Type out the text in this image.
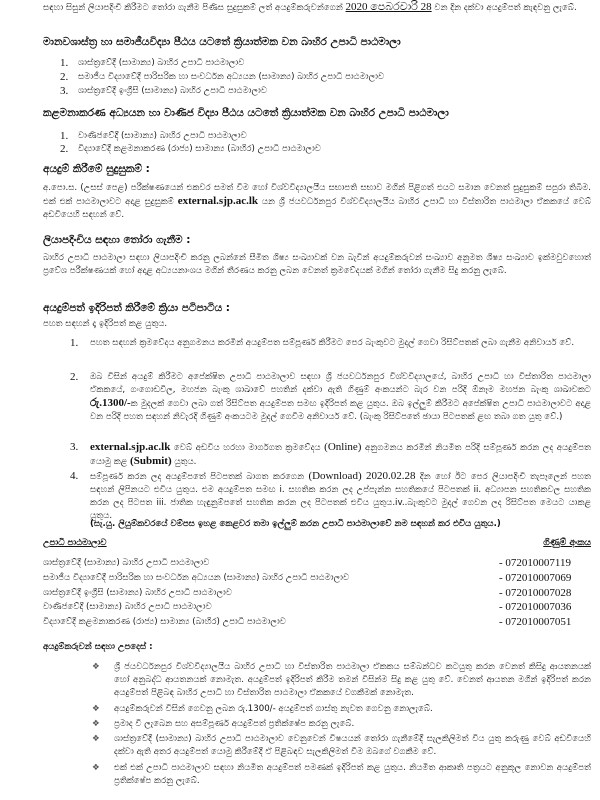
සඳහා සිසුන් ලියාපදිංචි කිරීමට තෝරා ගැනීම පිණිස සුදුසුකම් ලත් අයදුම්කරුවන්ගෙන් 2020 පෙබරවාරි 28 වන දින දක්වා අයදුම්පත් කැඳවනු ලැබේ.
මානවශාස්ත්‍ර හා සමාජීයවිද්‍යා පීඨය යටතේ ක්‍රියාත්මක වන බාහිර උපාධි පාඨමාලා
1. ශාස්ත්‍රවේදී (සාමාන්‍ය) බාහිර උපාධි පාඨමාලාව
2. සමාජීය විද්‍යාවේදී පාරිසරික හා සංවර්ධන අධ්‍යයන (සාමාන්‍ය) බාහිර උපාධි පාඨමාලාව
3. ශාස්ත්‍රවේදී ඉංග්‍රීසි (සාමාන්‍ය) බාහිර උපාධි පාඨමාලාව
කළමනාකරණ අධ්‍යයන හා වාණිජ විද්‍යා පීඨය යටතේ ක්‍රියාත්මක වන බාහිර උපාධි පාඨමාලා
1. වාණිජවේදී (සාමාන්‍ය) බාහිර උපාධි පාඨමාලාව
2. විද්‍යාවේදී කළමනාකරණ (රාජ්‍ය) සාමාන්‍ය (බාහිර) උපාධි පාඨමාලාව
අයදුම් කිරීමේ සුදුසුකම් :
අ.පො.ස. (උසස් පෙළ) පරීක්ෂණයෙන් එකවර සමත් වීම හෝ විශ්වවිද්‍යාලයීය සභාපති සභාව මගින් පිළිගත් එයට සමාන වෙනත් සුදුසුකම් සපුරා තිබීම. එක් එක් පාඨමාලාවට අදාළ සුදුසුකම් external.sjp.ac.lk යන ශ්‍රී ජයවර්ධනපුර විශ්වවිද්‍යාලයීය බාහිර උපාධි හා විස්තාරිත පාඨමාලා ඒකකයේ වෙබ් අඩවියෙහි සඳහන් වේ.
ලියාපදිංචිය සඳහා තෝරා ගැනීම :
බාහිර උපාධි පාඨමාලා සඳහා ලියාපදිංචි කරනු ලබන්නේ සීමිත ශිෂ්‍ය සංඛ්‍යාවක් වන බැවින් අයදුම්කරුවන් සංඛ්‍යාව අනුමත ශිෂ්‍ය සංඛ්‍යාව ඉක්මවුවහොත් ප්‍රවේශ පරීක්ෂණයක් හෝ අදාළ අධ්‍යයනාංශය මගින් තීරණය කරනු ලබන වෙනත් ක්‍රමවේදයක් මගින් තෝරා ගැනීම සිදු කරනු ලැබේ.
අයදුම්පත් ඉදිරිපත් කිරීමේ ක්‍රියා පටිපාටිය :
පහත සඳහන් දෑ ඉදිරිපත් කළ යුතුය.
1. පහත සඳහන් ක්‍රමවේදය අනුගමනය කරමින් අයදුම්පත සම්පූර්ණ කිරීමට පෙර බැංකුවට මුදල් ගෙවා රිසිට්පතක් ලබා ගැනීම අනිවාර්ය වේ.
2. ඔබ විසින් අයදුම් කිරීමට අපේක්ෂිත උපාධි පාඨමාලාව සඳහා ශ්‍රී ජයවර්ධනපුර විශ්වවිද්‍යාලයේ, බාහිර උපාධි හා විස්තාරිත පාඨමාලා ඒකකයේ, ගංගොඩවිල, මහජන බැංකු ශාඛාවේ පහතින් දක්වා ඇති ගිණුම් අංකයන්ට බැර වන පරිදි ඕනෑම මහජන බැංකු ශාඛාවකට රු.1300/-ක මුදලක් ගෙවා ලබා ගත් රිසිට්පත අයදුම්පත සමඟ ඉදිරිපත් කළ යුතුය. ඔබ ඉල්ලුම් කිරීමට අපේක්ෂිත උපාධි පාඨමාලාවට අදාළ වන පරිදි පහත සඳහන් නිවැරදි ගිණුම් අංකයටම මුදල් ගෙවීම අනිවාර්ය වේ. (බැංකු රිසිට්පතේ ඡායා පිටපතක් ළඟ තබා ගත යුතු වේ.)
3. external.sjp.ac.lk වෙබ් අඩවිය හරහා මාර්ගගත ක්‍රමවේදය (Online) අනුගමනය කරමින් නියමිත පරිදි සම්පූර්ණ කරන ලද අයදුම්පත යොමු කළ (Submit) යුතුය.
4. සම්පූර්ණ කරන ලද අයදුම්පතේ පිටපතක් බාගත කරගෙන (Download) 2020.02.28 දින හෝ ඊට පෙර ලියාපදිංචි තැපෑලෙන් පහත සඳහන් ලිපිනයට එවිය යුතුය. එම අයදුම්පත සමඟ i. සහතික කරන ලද උප්පැන්න සහතිකයේ පිටපතක් ii. අධ්‍යාපන සහතිකවල සහතික කරන ලද පිටපත iii. ජාතික හැඳුනුම්පතේ සහතික කරන ලද පිටපතක් එවිය යුතුය.iv..බැංකුවට මුදල් ගෙවන ලද රිසිට්පත මෙයට යාකළ යුතුය.
(සැ.යු. ලියුම්කවරයේ වම්පස ඉහළ කෙළවර තමා ඉල්ලුම් කරන උපාධි පාඨමාලාවේ නම සඳහන් කර එවිය යුතුය.)
උපාධි පාඨමාලාව	ගිණුම් අංකය
ශාස්ත්‍රවේදී (සාමාන්‍ය) බාහිර උපාධි පාඨමාලාව	- 072010007119
සමාජීය විද්‍යාවේදී පාරිසරික හා සංවර්ධන අධ්‍යයන (සාමාන්‍ය) බාහිර උපාධි පාඨමාලාව	- 072010007069
ශාස්ත්‍රවේදී ඉංග්‍රීසි (සාමාන්‍ය) බාහිර උපාධි පාඨමාලාව	- 072010007028
වාණිජවේදී (සාමාන්‍ය) බාහිර උපාධි පාඨමාලාව	- 072010007036
විද්‍යාවේදී කළමනාකරණ (රාජ්‍ය) සාමාන්‍ය (බාහිර) උපාධි පාඨමාලාව	- 072010007051
අයදුම්කරුවන් සඳහා උපදෙස් :
❖ ශ්‍රී ජයවර්ධනපුර විශ්වවිද්‍යාලයීය බාහිර උපාධි හා විස්තාරිත පාඨමාලා ඒකකය සම්බන්ධව කටයුතු කරන වෙනත් කිසිදු ආයතනයක් හෝ අනුබද්ධ ආයතනයක් නොමැත. අයදුම්පත් ඉදිරිපත් කිරීම තමන් විසින්ම සිදු කළ යුතු වේ. වෙනත් ආයතන මගින් ඉදිරිපත් කරන අයදුම්පත් පිළිබඳ බාහිර උපාධි හා විස්තාරිත පාඨමාලා ඒකකයේ වගකීමක් නොමැත.
❖ අයදුම්කරුවන් විසින් ගෙවනු ලබන රු.1300/- අයදුම්පත් ගාස්තු නැවත ගෙවනු නොලැබේ.
❖ ප්‍රමාද වී ලැබෙන සහ අසම්පූර්ණ අයදුම්පත් ප්‍රතික්ෂේප කරනු ලැබේ.
❖ ශාස්ත්‍රවේදී (සාමාන්‍ය) බාහිර උපාධි පාඨමාලාව වෙනුවෙන් විෂයයන් තෝරා ගැනීමේදී සැලකිලිමත් විය යුතු කරුණු වෙබ් අඩවියෙහි දක්වා ඇති අතර අයදුම්පත් යොමු කිරීමේදී ඒ පිළිබඳව සැලකිලිමත් වීම ඔබගේ වගකීම වේ.
❖ එක් එක් උපාධි පාඨමාලාව සඳහා නියමිත අයදුම්පත් පමණක් ඉදිරිපත් කළ යුතුය. නියමිත ආකෘති පත්‍රයට අනුකූල නොවන අයදුම්පත් ප්‍රතික්ෂේප කරනු ලැබේ.
